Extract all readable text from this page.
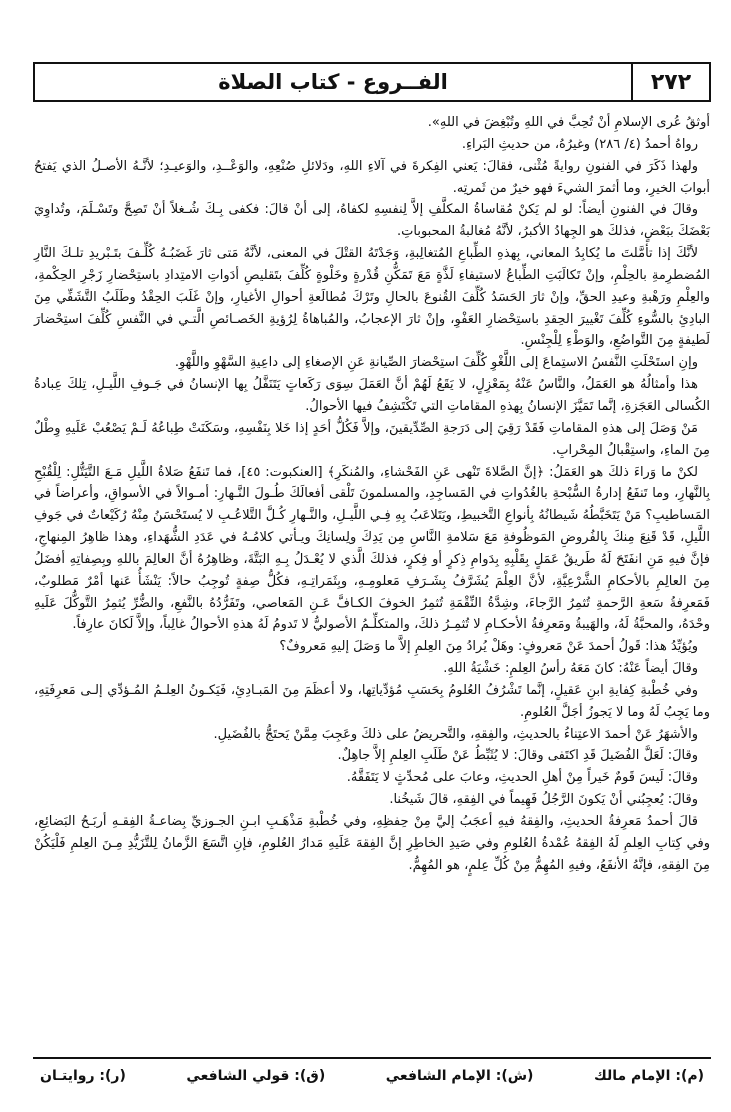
الفــروع - كتاب الصلاة	٢٧٢

أوثقُ عُرى الإسلامِ أنْ تُحِبَّ في اللهِ وتُبْغِضَ في اللهِ».

رواهُ أحمدُ (٤/ ٢٨٦) وغيرُهُ، من حديثِ البَراءِ.

ولهذا ذَكَرَ في الفنونِ روايةً مُثْنى، فقالَ: يَعني الفِكرةَ في آلاءِ اللهِ، ودَلائلِ صُنْعِهِ، والوَعْــدِ، والوَعيـدِ؛ لأنَّـهُ الأصـلُ الذي يَفتحُ أبوابَ الخيرِ، وما أثمرَ الشيءَ فهو خيرٌ من ثَمرتِه.

وقالَ في الفنونِ أيضاً: لو لم يَكنْ مُقاساةُ المكلَّفِ إلاَّ لِنفسِهِ لكفاهُ، إلى أنْ قالَ: فكفى بِـكَ شُـغلاً أنْ تَصِحَّ وتَسْـلَمَ، وتُداوِيَ بَعْضَكَ ببَعْضٍ، فذلكَ هو الجِهادُ الأكبرُ، لأنَّهُ مُغالبةُ المحبوباتِ.

لأنَّكَ إذا تأمَّلتَ ما يُكابِدُ المعاني، بِهذهِ الطِّباعِ المُتغالِبةِ، وَجَدْتَهُ القتْلَ في المعنى، لأنَّهُ مَتى ثارَ غَضَبُـهُ كُلِّـفَ بتَـبْريدِ تلـكَ النَّارِ المُضطرِمةِ بالحِلْمِ، وإنْ تَكالَبَتِ الطِّباعُ لاستيفاءِ لَذَّةٍ مَعَ تَمَكُّنِ قُدْرةٍ وخَلْوةٍ كُلِّفَ بتَقليصِ أدَواتِ الامتِدادِ باستِحْضارِ زَجْرِ الحِكْمةِ، والعِلْمِ ورَهْبةِ وعيدِ الحقِّ، وإنْ ثارَ الحَسَدُ كُلِّفَ القُنوعَ بالحالِ وتَرْكَ مُطالَعةِ أحوالِ الأغيارِ، وإنْ غَلَبَ الحِقْدُ وطَلَبُ التَّشَفِّي مِنَ البادِئِ بالسُّوءِ كُلِّفَ تَغْييرَ الحِقدِ باستِحْضارِ العَفْوِ، وإنْ ثارَ الإعجابُ، والمُباهاةُ لِرُؤيةِ الخَصـائصِ الَّتـي في النَّفسِ كُلِّفَ استِحْضارَ لَطيفةٍ مِنَ التَّواضُعِ، والوَطْءِ لِلْجِنْسِ.

وإنِ استَحْلَتِ النَّفسُ الاستِماعَ إلى اللَّغْوِ كُلِّفَ استِحْضارَ الصِّيانةِ عَنِ الإصغاءِ إلى داعِيةِ السَّهْوِ واللَّهْوِ.

هذا وأمثالُهُ هو العَمَلُ، والنَّاسُ عَنْهُ بِمَعْزِلٍ، لا يَقَعُ لَهُمْ أنَّ العَمَلَ سِوَى رَكَعاتٍ يَتَنَفَّلُ بِها الإنسانُ في جَـوفِ اللَّيـلِ، تِلكَ عِبادةُ الكُسالى العَجَزةِ، إنَّما تَمَيَّزَ الإنسانُ بِهذهِ المقاماتِ التي تَكْتَشِفُ فيها الأحوالُ.

مَنْ وَصَلَ إلى هذهِ المقاماتِ فَقَدْ رَقِيَ إلى دَرَجةِ الصِّدِّيقينَ، وإلاَّ فَكُلُّ أحَدٍ إذا خَلا بِنَفْسِهِ، وسَكَنَتْ طِباعُهُ لَـمْ يَصْعُبْ عَلَيهِ وِطْلٌ مِنَ الماءِ، واستِقْبالُ المِحْرابِ.

لكنْ ما وَراءَ ذلكَ هو العَمَلُ: ﴿إنَّ الصَّلاةَ تَنْهى عَنِ الفَحْشاءِ، والمُنكَرِ﴾ [العنكبوت: ٤٥]، فما تَنفَعُ صَلاةُ اللَّيلِ مَـعَ التَّيَتُّلِ: لِلْقُبْحِ بِالنَّهارِ، وما تَنفَعُ إدارةُ السُّبْحةِ بالغُدُواتِ في المَساجِدِ، والمسلمونَ تَلْقى أفعالَكَ طُـولَ النَّـهارِ: أمـوالاً في الأسواقِ، وأعراضاً في المَساطيبِ؟ مَنْ يَتَخَبَّطُهُ شَيطانُهُ بِأنواعِ التَّخبيطِ، ويَتَلاعَبُ بِهِ فِـي اللَّيـلِ، والنَّـهارِ كُـلَّ التَّلاعُـبِ لا يُستَحْسَنُ مِنْهُ رُكَيْعاتٌ في جَوفِ اللَّيلِ، قَدْ قَنِعَ مِنكَ بِالفُروضِ المَوظُوفةِ مَعَ سَلامةِ النَّاسِ مِن يَدِكَ ولِسانِكَ ويـأتي كلامُـهُ في عَدَدِ الشُّهَداءِ، وهذا ظاهِرُ المِنهاجِ، فإنَّ فيهِ مَنِ انفَتَحَ لَهُ طَريقُ عَمَلٍ بِقَلْبِهِ بِدَوامِ ذِكرٍ أو فِكرٍ، فذلكَ الَّذي لا يُعْـدَلُ بِـهِ البَتَّةَ، وظاهِرُهُ أنَّ العالِمَ باللهِ وبِصِفاتِهِ أفضَلُ مِنَ العالِمِ بالأحكامِ الشَّرْعِيَّةِ، لأنَّ العِلْمَ يُشَرَّفُ بِشَـرَفِ مَعلومِـهِ، وبِثَمَراتِـهِ، فكُلُّ صِفةٍ تُوجِبُ حالاً: يَنْشَأُ عَنها أمْرٌ مَطلوبٌ، فَمَعرِفةُ سَعةِ الرَّحمةِ تُثمِرُ الرَّجاءَ، وشِدَّةُ النِّقْمَةِ تُثمِرُ الخوفَ الكـافَّ عَـنِ المَعاصي، وتَفَرُّدُهُ بالنَّفعِ، والضُّرِّ يُثمِرُ التَّوكُّلَ عَلَيهِ وحْدَهُ، والمحبَّةُ لَهُ، والهَيبةُ ومَعرِفةُ الأحكـامِ لا تُثمِـرُ ذلكَ، والمتكلِّـمُ الأصوليُّ لا تَدومُ لَهُ هذهِ الأحوالُ غالِباً، وإلاَّ لَكانَ عارِفاً.

ويُؤيِّدُ هذا: قَولُ أحمدَ عَنْ مَعروفٍ: وهَلْ يُرادُ مِنَ العِلمِ إلاَّ ما وَصَلَ إليهِ مَعروفٌ؟

وقالَ أيضاً عَنْهُ: كانَ مَعَهُ رأسُ العِلمِ: خَشْيَةُ اللهِ.

وفي خُطْبةِ كِفايةِ ابنِ عَقيلٍ، إنَّما تَشْرُفُ العُلومُ بِحَسَبِ مُؤدِّياتِها، ولا أعظَمَ مِنَ المَبـادِئِ، فَيَكـونُ العِلـمُ المُـؤدِّي إلـى مَعرِفَتِهِ، وما يَجِبُ لَهُ وما لا يَجوزُ أجَلَّ العُلومِ.

والأشهَرُ عَنْ أحمدَ الاعتِناءُ بالحديثِ، والفِقهِ، والتَّحريضُ على ذلكَ وعَجِبَ مِمَّنْ يَحتَجُّ بالفُضَيلِ.

وقالَ: لَعَلَّ الفُضَيلَ قَدِ اكتَفى وقالَ: لا يُثَبِّطُ عَنْ طَلَبِ العِلمِ إلاَّ جاهِلٌ.

وقالَ: لَيسَ قَومٌ خَيراً مِنْ أهلِ الحديثِ، وعابَ على مُحدِّثٍ لا يَتَفَقَّهُ.

وقالَ: يُعجِبُني أنْ يَكونَ الرَّجُلُ فَهِيماً في الفِقهِ، قالَ شَيخُنا.

قالَ أحمدُ مَعرِفةُ الحديثِ، والفِقهُ فيهِ أعجَبُ إليَّ مِنْ حِفظِهِ، وفي خُطْبةِ مَذْهَـبِ ابـنِ الجـوزيِّ بِضاعـةُ الفِقـهِ أربَـحُ البَضائِعِ، وفي كِتابِ العِلمِ لَهُ الفِقهُ عُمْدةُ العُلومِ وفي صَيدِ الخاطِرِ إنَّ الفِقهَ عَلَيهِ مَدارُ العُلومِ، فإنِ اتَّسَعَ الزَّمانُ لِلتَّزَيُّدِ مِـنَ العِلمِ فَلْيَكُنْ مِنَ الفِقهِ، فإنَّهُ الأنفَعُ، وفيهِ المُهِمُّ مِنْ كُلِّ عِلمٍ، هو المُهِمُّ.

(م): الإمام مالك
(ش): الإمام الشافعي
(ق): قولي الشافعي
(ر): روايتـان
